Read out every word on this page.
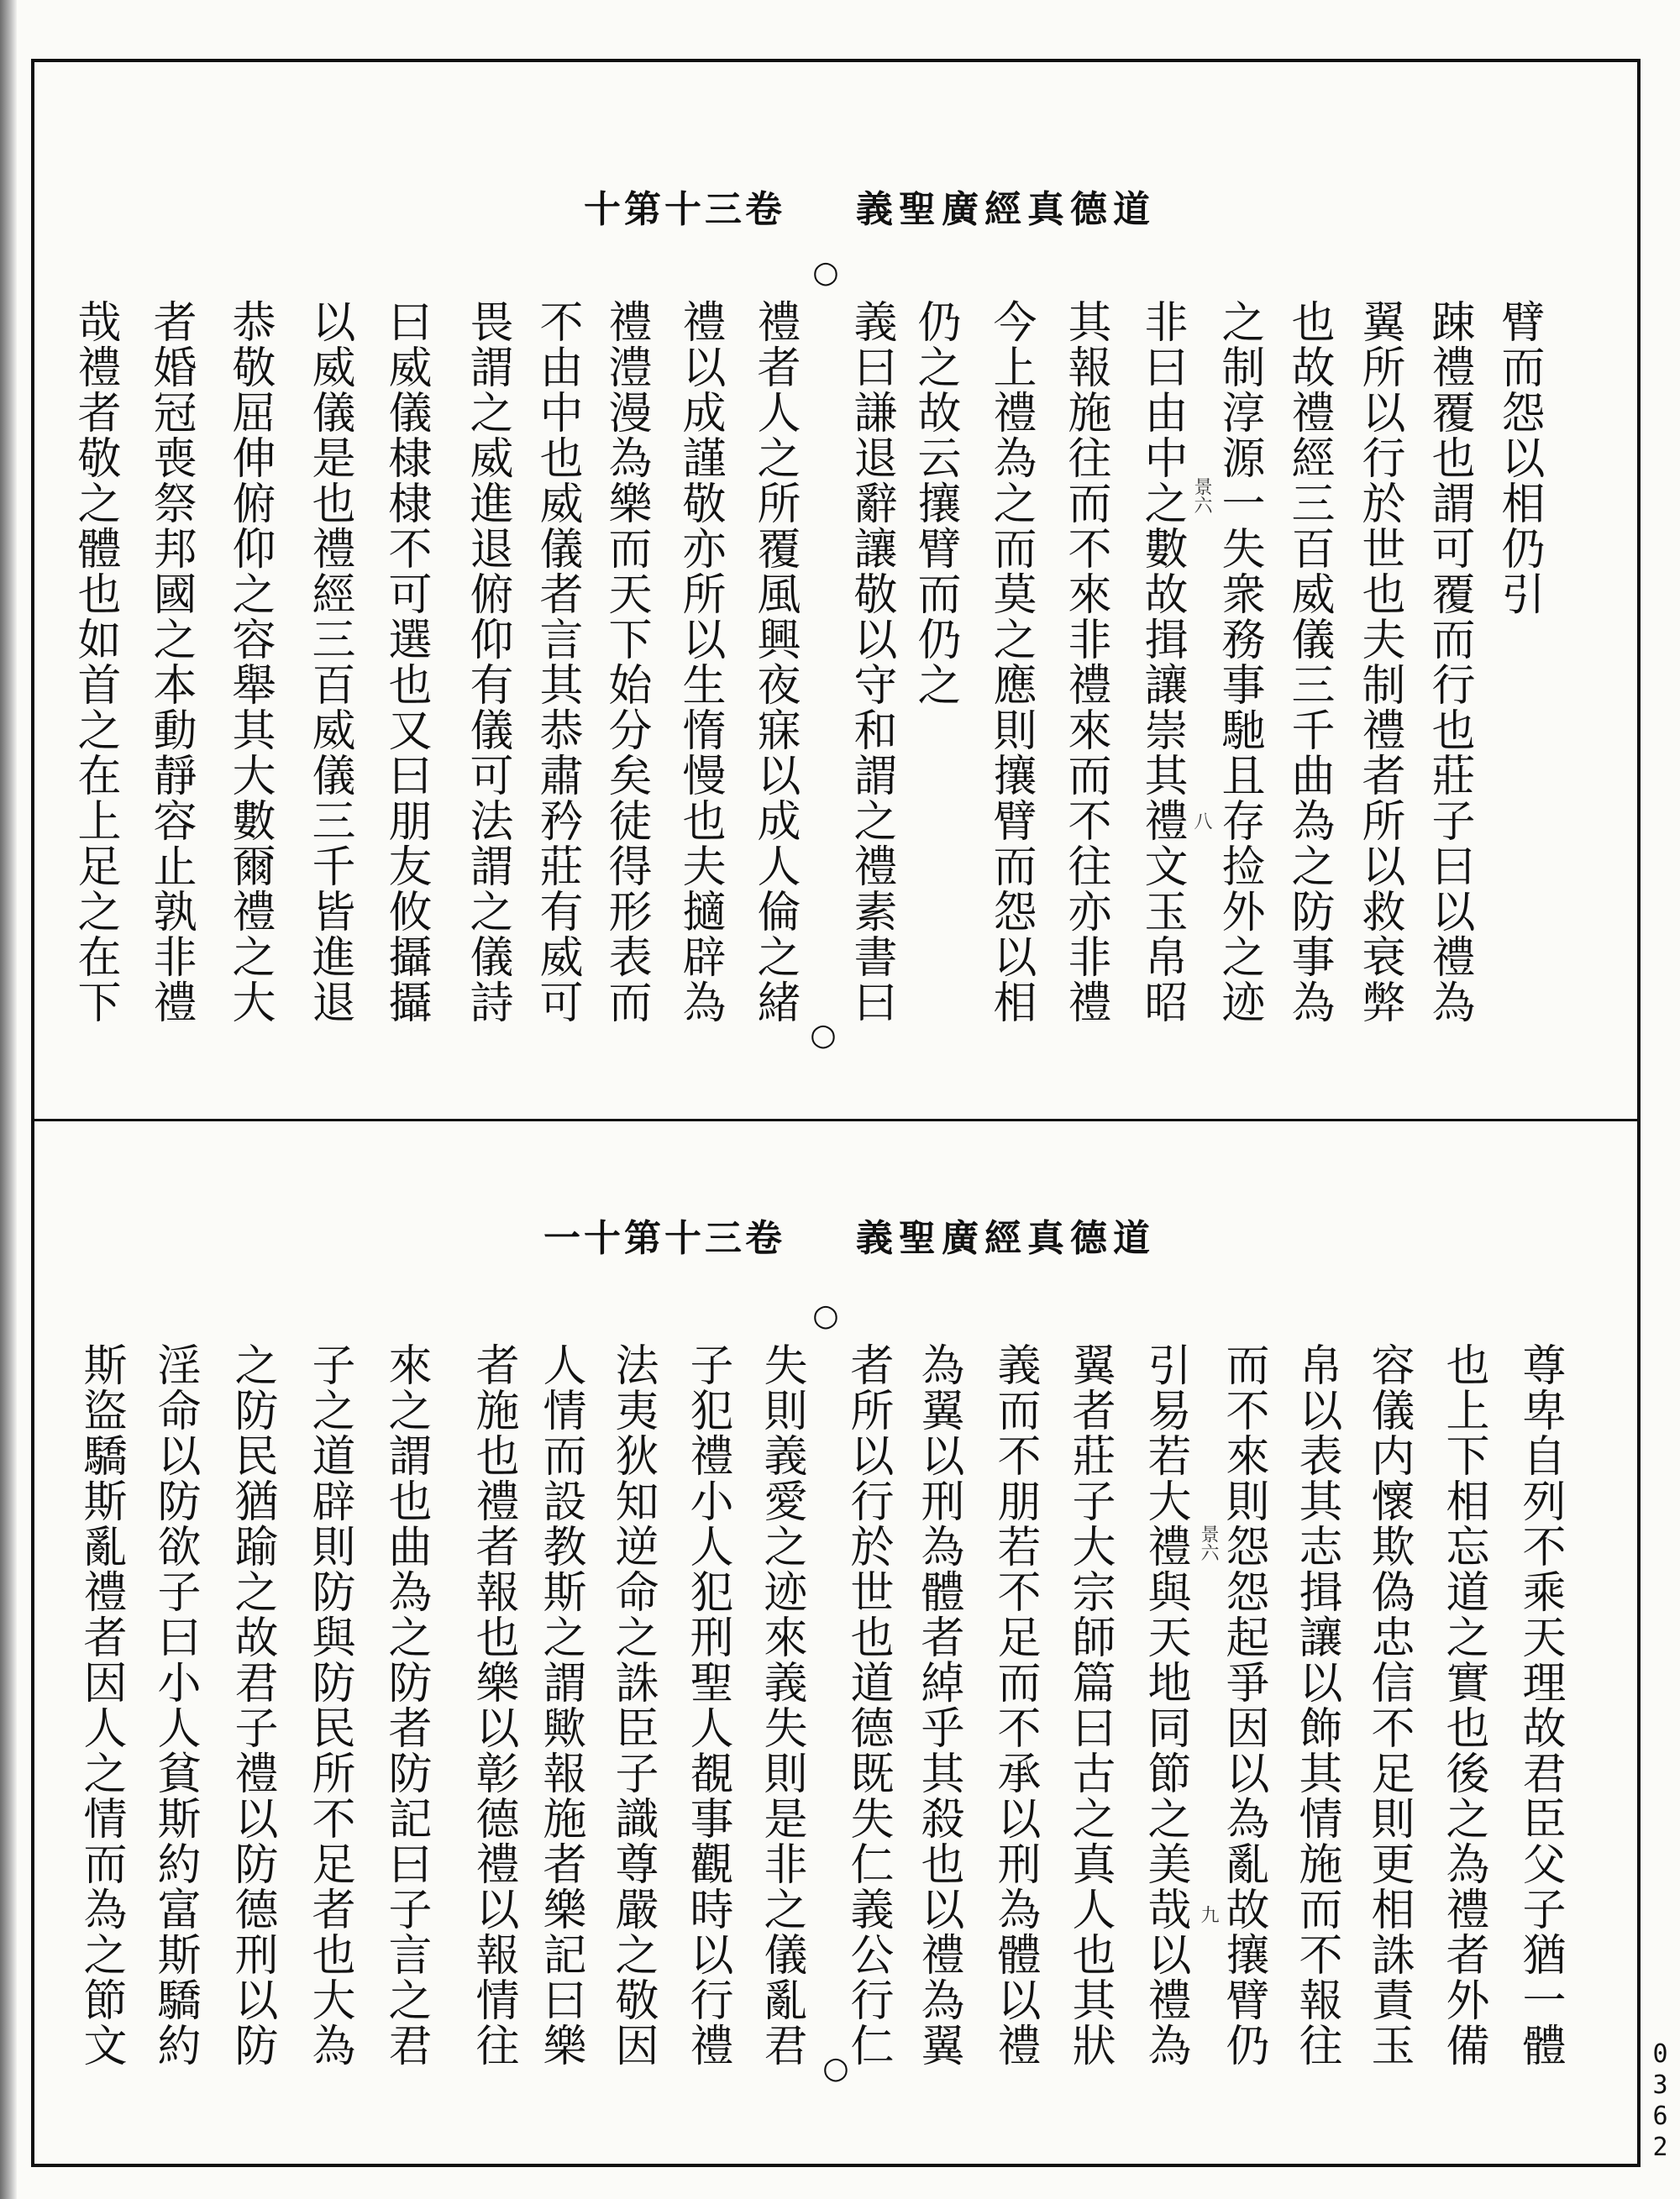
道德真經廣聖義
卷三十第十
○
○
景六
八
臂而怨以相仍引
踈禮覆也謂可覆而行也莊子曰以禮為
翼所以行於世也夫制禮者所以救衰弊
也故禮經三百威儀三千曲為之防事為
之制淳源一失衆務事馳且存捡外之迹
非曰由中之數故揖讓崇其禮文玉帛昭
其報施往而不來非禮來而不往亦非禮
今上禮為之而莫之應則攘臂而怨以相
仍之故云攘臂而仍之
義曰謙退辭讓敬以守和謂之禮素書曰
禮者人之所覆風興夜寐以成人倫之緒
禮以成謹敬亦所以生惰慢也夫擿辟為
禮澧漫為樂而天下始分矣徒得形表而
不由中也威儀者言其恭肅矜莊有威可
畏謂之威進退俯仰有儀可法謂之儀詩
曰威儀棣棣不可選也又曰朋友攸攝攝
以威儀是也禮經三百威儀三千皆進退
恭敬屈伸俯仰之容舉其大數爾禮之大
者婚冠喪祭邦國之本動靜容止孰非禮
哉禮者敬之體也如首之在上足之在下
道德真經廣聖義
卷三十第十一
○
○
景六
九	尊卑自列不乘天理故君臣父子猶一體
也上下相忘道之實也後之為禮者外備
容儀内懷欺偽忠信不足則更相誅責玉
帛以表其志揖讓以飾其情施而不報往
而不來則怨怨起爭因以為亂故攘臂仍
引易若大禮與天地同節之美哉以禮為
翼者莊子大宗師篇曰古之真人也其狀
義而不朋若不足而不承以刑為體以禮
為翼以刑為體者綽乎其殺也以禮為翼
者所以行於世也道德既失仁義公行仁
失則義愛之迹來義失則是非之儀亂君
子犯禮小人犯刑聖人覩事觀時以行禮
法夷狄知逆命之誅臣子識尊嚴之敬因
人情而設教斯之謂歟報施者樂記曰樂
者施也禮者報也樂以彰德禮以報情往
來之謂也曲為之防者防記曰子言之君
子之道辟則防與防民所不足者也大為
之防民猶踰之故君子禮以防德刑以防
淫命以防欲子曰小人貧斯約富斯驕約
斯盜驕斯亂禮者因人之情而為之節文
0362
